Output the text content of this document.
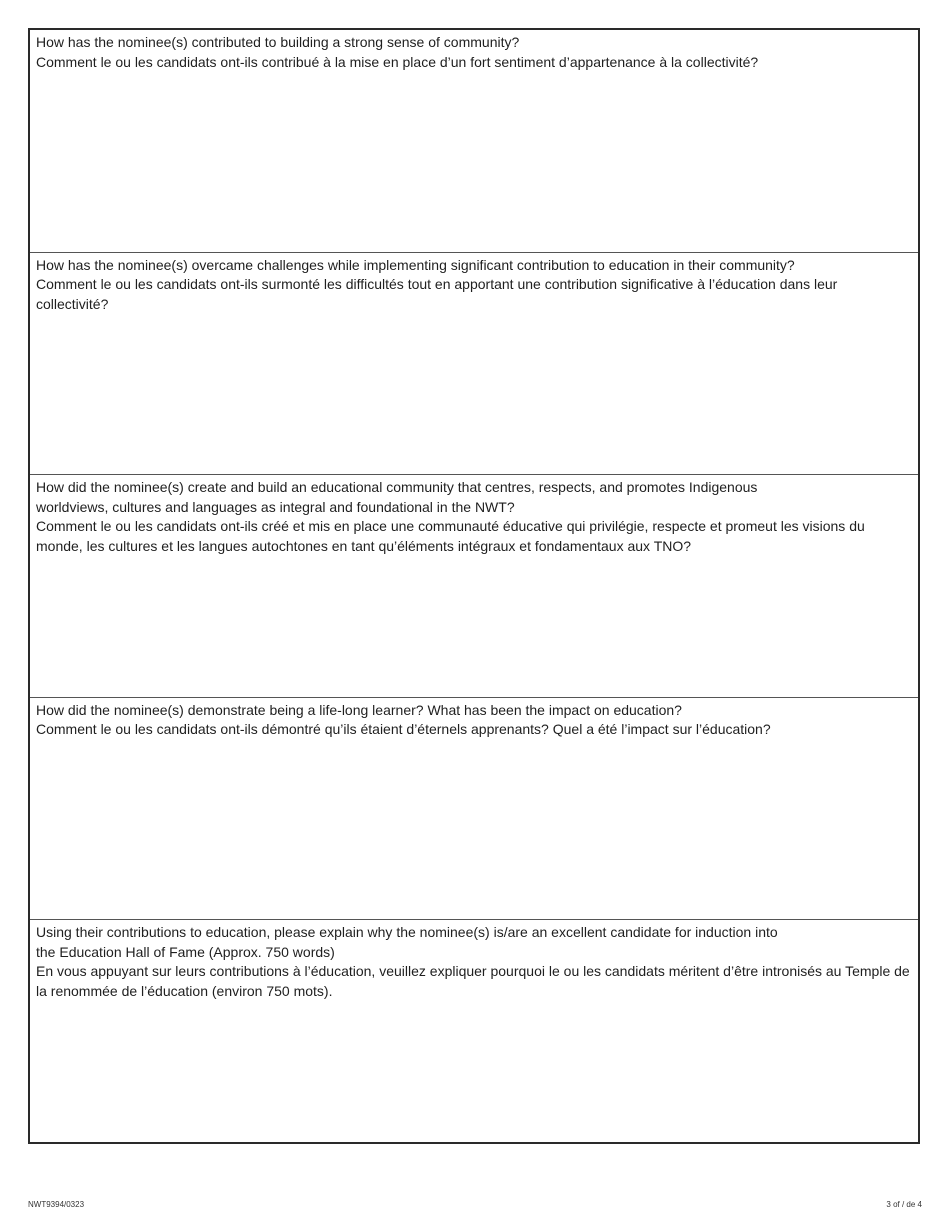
How has the nominee(s) contributed to building a strong sense of community?

Comment le ou les candidats ont-ils contribué à la mise en place d’un fort sentiment d’appartenance à la collectivité?

How has the nominee(s) overcame challenges while implementing significant contribution to education in their community?

Comment le ou les candidats ont-ils surmonté les difficultés tout en apportant une contribution significative à l’éducation dans leur collectivité?

How did the nominee(s) create and build an educational community that centres, respects, and promotes Indigenous

worldviews, cultures and languages as integral and foundational in the NWT?

Comment le ou les candidats ont-ils créé et mis en place une communauté éducative qui privilégie, respecte et promeut les visions du monde, les cultures et les langues autochtones en tant qu’éléments intégraux et fondamentaux aux TNO?

How did the nominee(s) demonstrate being a life-long learner? What has been the impact on education?

Comment le ou les candidats ont-ils démontré qu’ils étaient d’éternels apprenants? Quel a été l’impact sur l’éducation?

Using their contributions to education, please explain why the nominee(s) is/are an excellent candidate for induction into

the Education Hall of Fame (Approx. 750 words)

En vous appuyant sur leurs contributions à l’éducation, veuillez expliquer pourquoi le ou les candidats méritent d’être intronisés au Temple de la renommée de l’éducation (environ 750 mots).

NWT9394/0323	3 of / de 4
